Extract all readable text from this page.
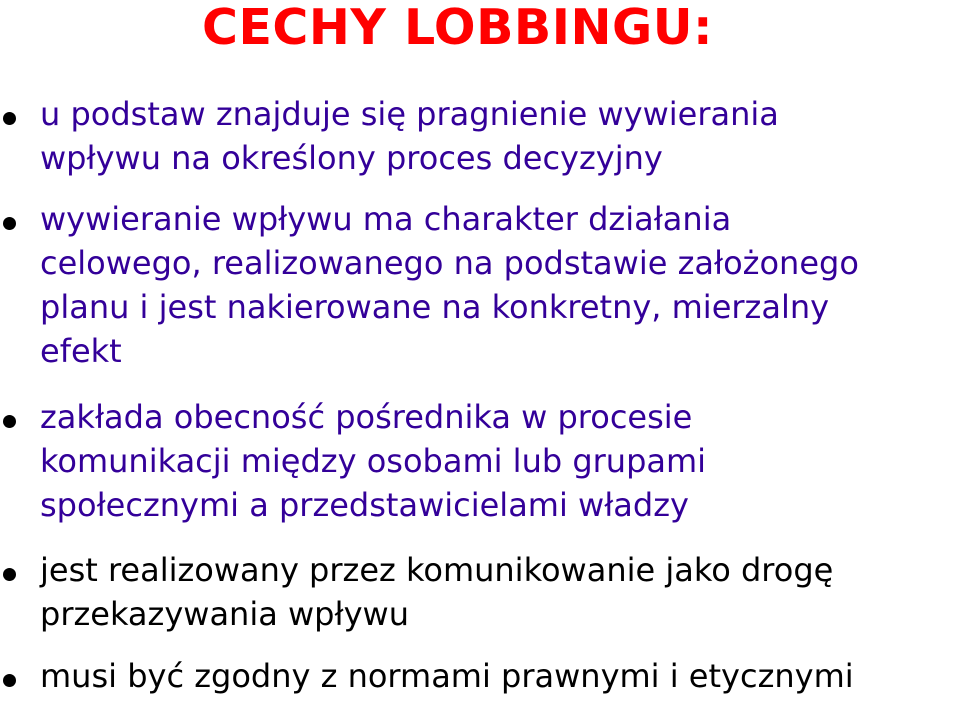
CECHY LOBBINGU:

u podstaw znajduje się pragnienie wywierania
wpływu na określony proces decyzyjny

wywieranie wpływu ma charakter działania
celowego, realizowanego na podstawie założonego
planu i jest nakierowane na konkretny, mierzalny
efekt

zakłada obecność pośrednika w procesie
komunikacji między osobami lub grupami
społecznymi a przedstawicielami władzy

jest realizowany przez komunikowanie jako drogę
przekazywania wpływu

musi być zgodny z normami prawnymi i etycznymi
